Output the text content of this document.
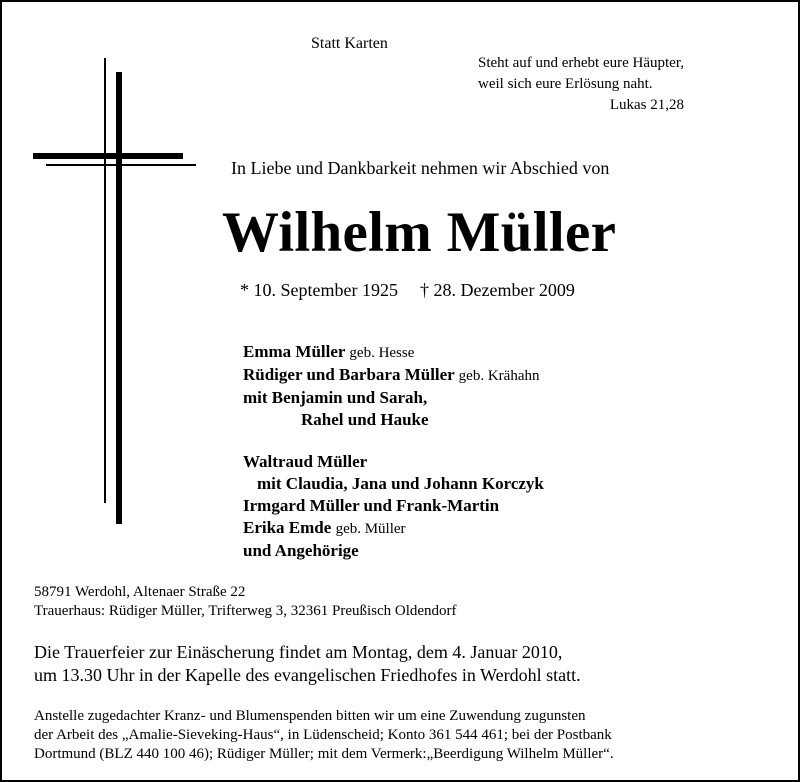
Statt Karten
Steht auf und erhebt eure Häupter,
weil sich eure Erlösung naht.
Lukas 21,28
In Liebe und Dankbarkeit nehmen wir Abschied von
Wilhelm Müller
* 10. September 1925 † 28. Dezember 2009
Emma Müller geb. Hesse
Rüdiger und Barbara Müller geb. Krähahn
mit Benjamin und Sarah,
Rahel und Hauke
Waltraud Müller
mit Claudia, Jana und Johann Korczyk
Irmgard Müller und Frank-Martin
Erika Emde geb. Müller
und Angehörige
58791 Werdohl, Altenaer Straße 22
Trauerhaus: Rüdiger Müller, Trifterweg 3, 32361 Preußisch Oldendorf
Die Trauerfeier zur Einäscherung findet am Montag, dem 4. Januar 2010,
um 13.30 Uhr in der Kapelle des evangelischen Friedhofes in Werdohl statt.
Anstelle zugedachter Kranz- und Blumenspenden bitten wir um eine Zuwendung zugunsten
der Arbeit des „Amalie-Sieveking-Haus“, in Lüdenscheid; Konto 361 544 461; bei der Postbank
Dortmund (BLZ 440 100 46); Rüdiger Müller; mit dem Vermerk:„Beerdigung Wilhelm Müller“.
